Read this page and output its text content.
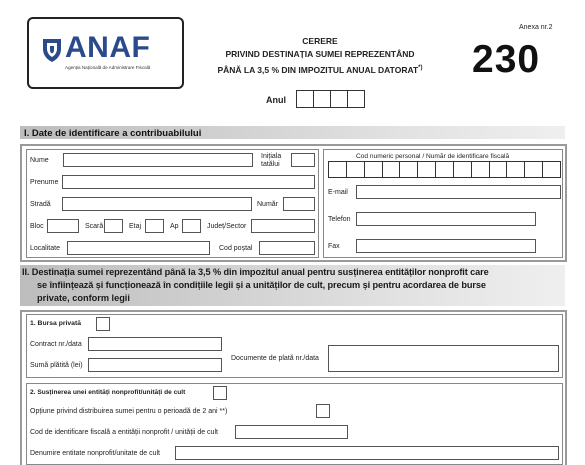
ANAF
Agenția Națională de Administrare Fiscală
CERERE
PRIVIND DESTINAȚIA SUMEI REPREZENTÂND
PÂNĂ LA 3,5 % DIN IMPOZITUL ANUAL DATORAT*)
Anexa nr.2
230
Anul
I. Date de identificare a contribuabilului
Nume
Inițiala
tatălui
Prenume
Stradă	Număr
Bloc	Scară	Etaj	Ap	Județ/Sector
Localitate	Cod poștal
Cod numeric personal / Număr de identificare fiscală
E-mail
Telefon
Fax
II. Destinația sumei reprezentând până la 3,5 % din impozitul anual pentru susținerea entităților nonprofit care
se înființează și funcționează în condițiile legii și a unităților de cult, precum și pentru acordarea de burse
private, conform legii
1. Bursa privată
Contract nr./data
Sumă plătită (lei)
Documente de plată nr./data
2. Susținerea unei entități nonprofit/unități de cult
Opțiune privind distribuirea sumei pentru o perioadă de 2 ani **)
Cod de identificare fiscală a entității nonprofit / unității de cult
Denumire entitate nonprofit/unitate de cult
